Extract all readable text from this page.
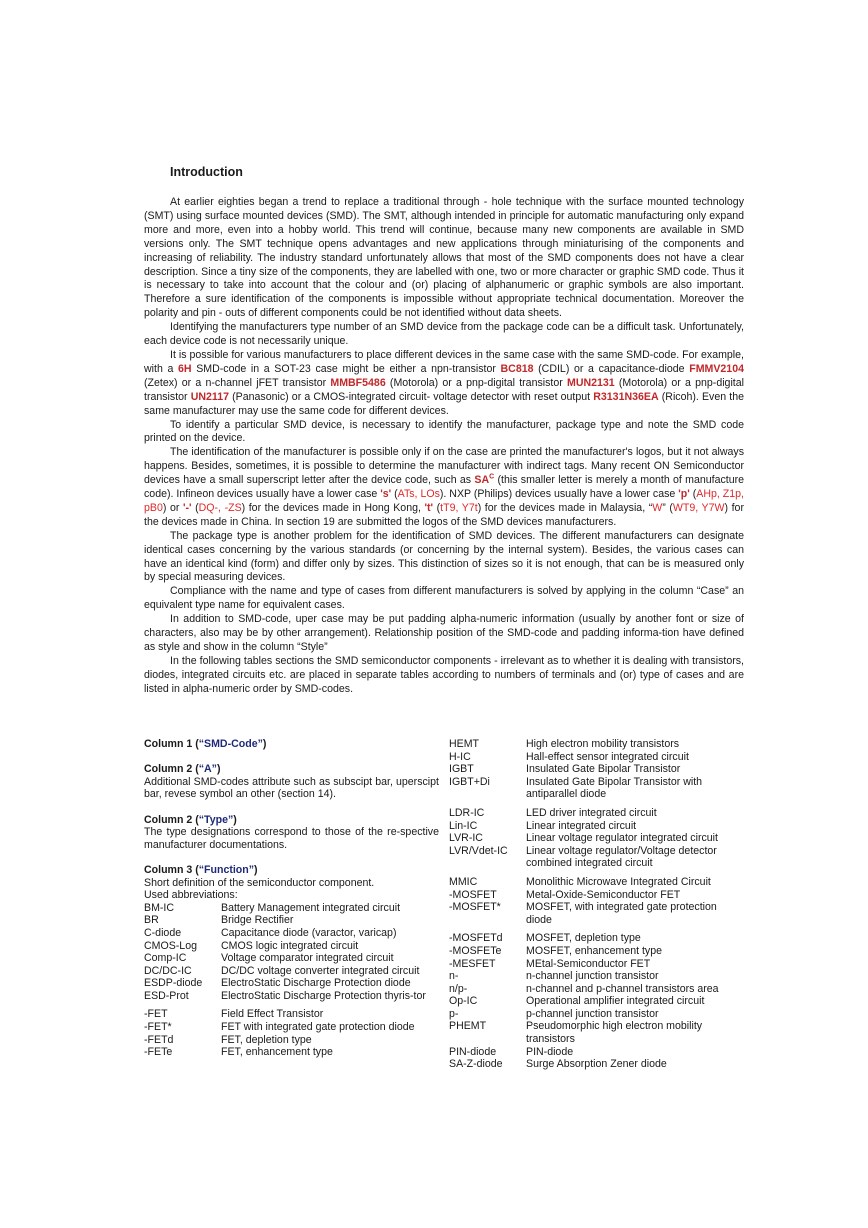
Introduction

At earlier eighties began a trend to replace a traditional through - hole technique with the surface mounted technology (SMT) using surface mounted devices (SMD). The SMT, although intended in principle for automatic manufacturing only expand more and more, even into a hobby world. This trend will continue, because many new components are available in SMD versions only. The SMT technique opens advantages and new applications through miniaturising of the components and increasing of reliability. The industry standard unfortunately allows that most of the SMD components does not have a clear description. Since a tiny size of the components, they are labelled with one, two or more character or graphic SMD code. Thus it is necessary to take into account that the colour and (or) placing of alphanumeric or graphic symbols are also important. Therefore a sure identification of the components is impossible without appropriate technical documentation. Moreover the polarity and pin - outs of different components could be not identified without data sheets.

Identifying the manufacturers type number of an SMD device from the package code can be a difficult task. Unfortunately, each device code is not necessarily unique.

It is possible for various manufacturers to place different devices in the same case with the same SMD-code. For example, with a 6H SMD-code in a SOT-23 case might be either a npn-transistor BC818 (CDIL) or a capacitance-diode FMMV2104 (Zetex) or a n-channel jFET transistor MMBF5486 (Motorola) or a pnp-digital transistor MUN2131 (Motorola) or a pnp-digital transistor UN2117 (Panasonic) or a CMOS-integrated circuit- voltage detector with reset output R3131N36EA (Ricoh). Even the same manufacturer may use the same code for different devices.

To identify a particular SMD device, is necessary to identify the manufacturer, package type and note the SMD code printed on the device.

The identification of the manufacturer is possible only if on the case are printed the manufacturer's logos, but it not always happens. Besides, sometimes, it is possible to determine the manufacturer with indirect tags. Many recent ON Semiconductor devices have a small superscript letter after the device code, such as $SA^C$ (this smaller letter is merely a month of manufacture code). Infineon devices usually have a lower case 's' (ATs, LOs). NXP (Philips) devices usually have a lower case 'p' (AHp, Z1p, pB0) or '-' (DQ-, -ZS) for the devices made in Hong Kong, 't' (tT9, Y7t) for the devices made in Malaysia, “W” (WT9, Y7W) for the devices made in China. In section 19 are submitted the logos of the SMD devices manufacturers.

The package type is another problem for the identification of SMD devices. The different manufacturers can designate identical cases concerning by the various standards (or concerning by the internal system). Besides, the various cases can have an identical kind (form) and differ only by sizes. This distinction of sizes so it is not enough, that can be is measured only by special measuring devices.

Compliance with the name and type of cases from different manufacturers is solved by applying in the column “Case” an equivalent type name for equivalent cases.

In addition to SMD-code, uper case may be put padding alpha-numeric information (usually by another font or size of characters, also may be by other arrangement). Relationship position of the SMD-code and padding informa-tion have defined as style and show in the column “Style”

In the following tables sections the SMD semiconductor components - irrelevant as to whether it is dealing with transistors, diodes, integrated circuits etc. are placed in separate tables according to numbers of terminals and (or) type of cases and are listed in alpha-numeric order by SMD-codes.

Column 1 (“SMD-Code”)
Column 2 (“A”)

Additional SMD-codes attribute such as subscipt bar, uperscipt bar, revese symbol an other (section 14).

Column 2 (“Type”)

The type designations correspond to those of the re-spective manufacturer documentations.

Column 3 (“Function”)

Short definition of the semiconductor component.

Used abbreviations:

BM-IC	Battery Management integrated circuit
BR	Bridge Rectifier
C-diode	Capacitance diode (varactor, varicap)
CMOS-Log	CMOS logic integrated circuit
Comp-IC	Voltage comparator integrated circuit
DC/DC-IC	DC/DC voltage converter integrated circuit
ESDP-diode	ElectroStatic Discharge Protection diode
ESD-Prot	ElectroStatic Discharge Protection thyris-tor
-FET	Field Effect Transistor
-FET*	FET with integrated gate protection diode
-FETd	FET, depletion type
-FETe	FET, enhancement type
HEMT	High electron mobility transistors
H-IC	Hall-effect sensor integrated circuit
IGBT	Insulated Gate Bipolar Transistor
IGBT+Di	Insulated Gate Bipolar Transistor with antiparallel diode
LDR-IC	LED driver integrated circuit
Lin-IC	Linear integrated circuit
LVR-IC	Linear voltage regulator integrated circuit
LVR/Vdet-IC	Linear voltage regulator/Voltage detector combined integrated circuit
MMIC	Monolithic Microwave Integrated Circuit
-MOSFET	Metal-Oxide-Semiconductor FET
-MOSFET*	MOSFET, with integrated gate protection diode
-MOSFETd	MOSFET, depletion type
-MOSFETe	MOSFET, enhancement type
-MESFET	MEtal-Semiconductor FET
n-	n-channel junction transistor
n/p-	n-channel and p-channel transistors area
Op-IC	Operational amplifier integrated circuit
p-	p-channel junction transistor
PHEMT	Pseudomorphic high electron mobility transistors
PIN-diode	PIN-diode
SA-Z-diode	Surge Absorption Zener diode
